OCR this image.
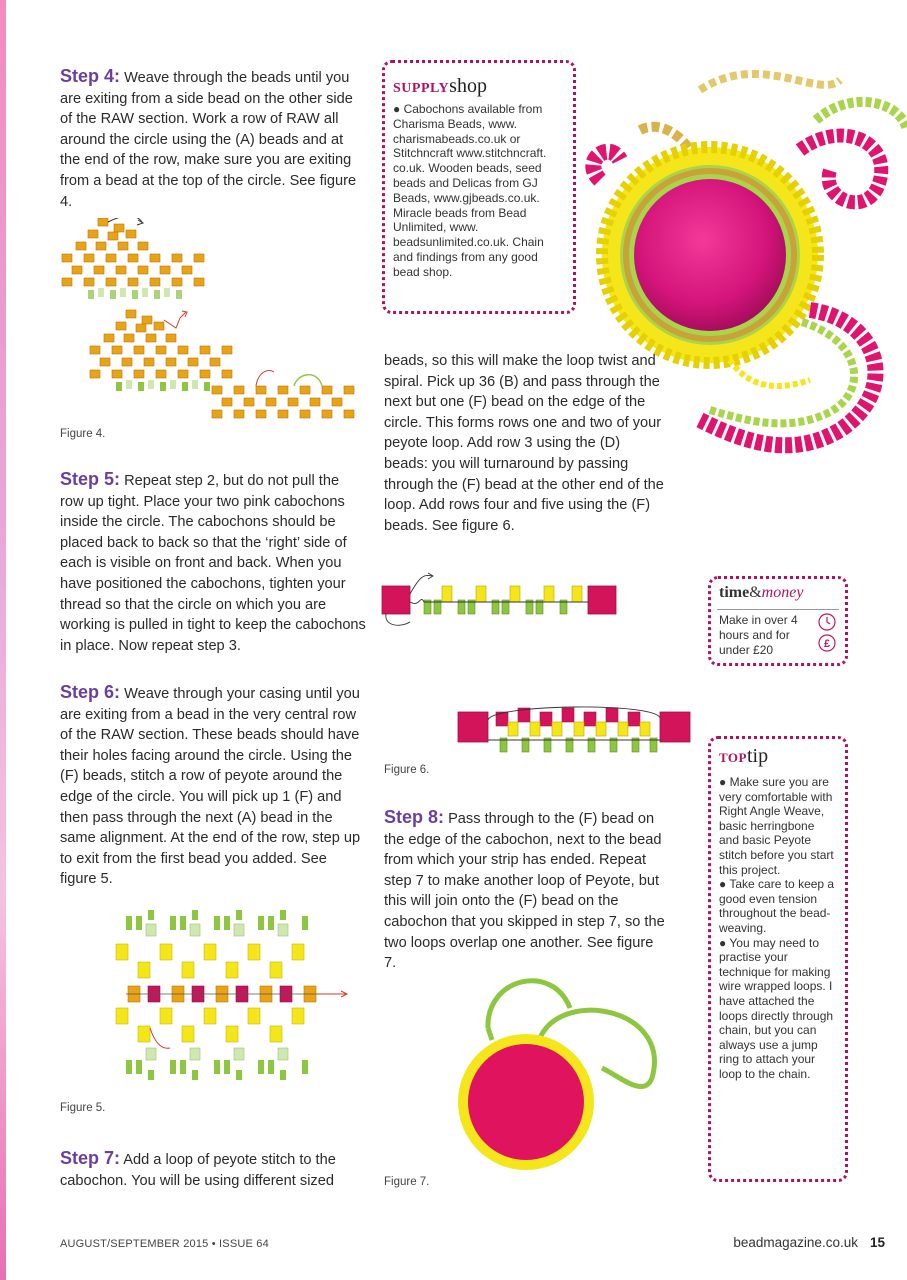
Step 4: Weave through the beads until you are exiting from a side bead on the other side of the RAW section. Work a row of RAW all around the circle using the (A) beads and at the end of the row, make sure you are exiting from a bead at the top of the circle. See figure 4.
Figure 4.
Step 5: Repeat step 2, but do not pull the row up tight. Place your two pink cabochons inside the circle. The cabochons should be placed back to back so that the ‘right’ side of each is visible on front and back. When you have positioned the cabochons, tighten your thread so that the circle on which you are working is pulled in tight to keep the cabochons in place. Now repeat step 3.
Step 6: Weave through your casing until you are exiting from a bead in the very central row of the RAW section. These beads should have their holes facing around the circle. Using the (F) beads, stitch a row of peyote around the edge of the circle. You will pick up 1 (F) and then pass through the next (A) bead in the same alignment. At the end of the row, step up to exit from the first bead you added. See figure 5.
Figure 5.
Step 7: Add a loop of peyote stitch to the cabochon. You will be using different sized
SUPPLYshop
● Cabochons available from Charisma Beads, www. charismabeads.co.uk or Stitchncraft www.stitchncraft. co.uk. Wooden beads, seed beads and Delicas from GJ Beads, www.gjbeads.co.uk. Miracle beads from Bead Unlimited, www. beadsunlimited.co.uk. Chain and findings from any good bead shop.
beads, so this will make the loop twist and spiral. Pick up 36 (B) and pass through the next but one (F) bead on the edge of the circle. This forms rows one and two of your peyote loop. Add row 3 using the (D) beads: you will turnaround by passing through the (F) bead at the other end of the loop. Add rows four and five using the (F) beads. See figure 6.
Figure 6.
Step 8: Pass through to the (F) bead on the edge of the cabochon, next to the bead from which your strip has ended. Repeat step 7 to make another loop of Peyote, but this will join onto the (F) bead on the cabochon that you skipped in step 7, so the two loops overlap one another. See figure 7.
Figure 7.
time&money
Make in over 4 hours and for under £20	£
TOPtip
● Make sure you are very comfortable with Right Angle Weave, basic herringbone and basic Peyote stitch before you start this project.
● Take care to keep a good even tension throughout the bead-weaving.
● You may need to practise your technique for making wire wrapped loops. I have attached the loops directly through chain, but you can always use a jump ring to attach your loop to the chain.
AUGUST/SEPTEMBER 2015 • ISSUE 64	beadmagazine.co.uk 15
